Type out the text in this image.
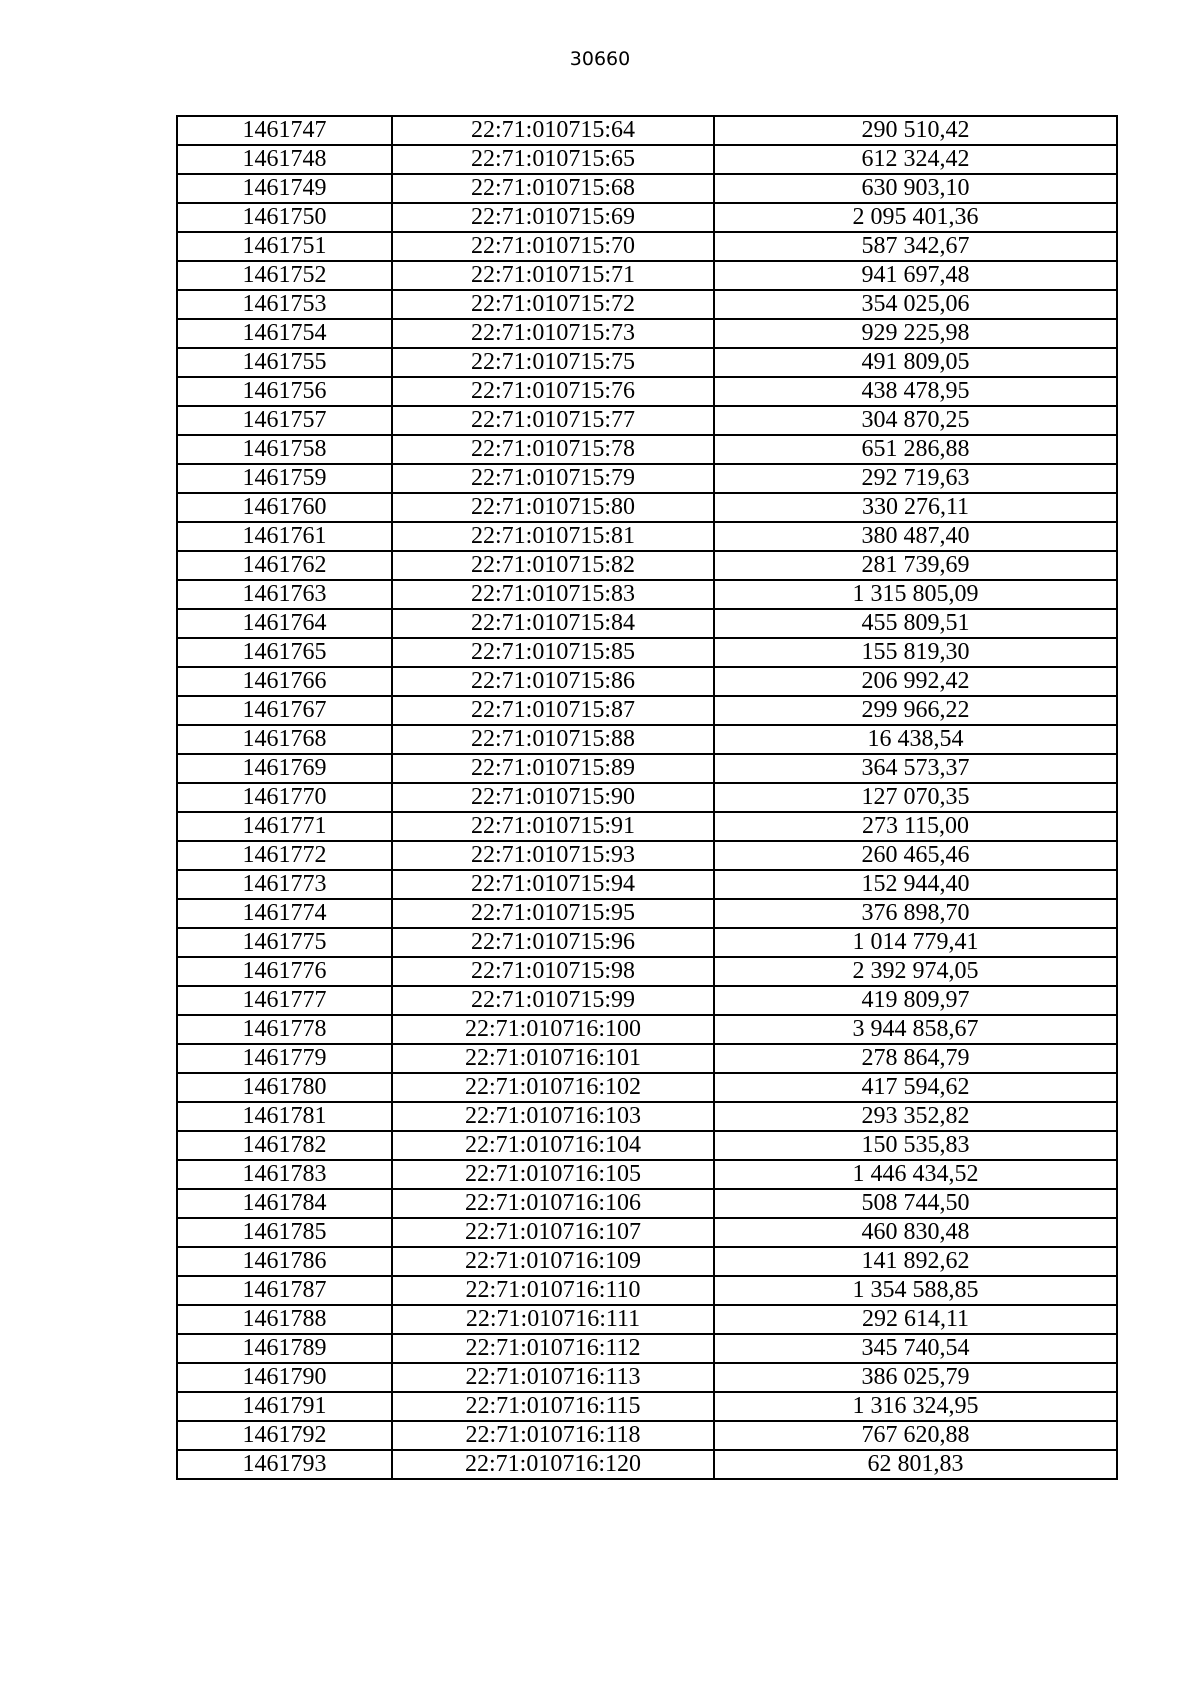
30660
1461747	22:71:010715:64	290 510,42
1461748	22:71:010715:65	612 324,42
1461749	22:71:010715:68	630 903,10
1461750	22:71:010715:69	2 095 401,36
1461751	22:71:010715:70	587 342,67
1461752	22:71:010715:71	941 697,48
1461753	22:71:010715:72	354 025,06
1461754	22:71:010715:73	929 225,98
1461755	22:71:010715:75	491 809,05
1461756	22:71:010715:76	438 478,95
1461757	22:71:010715:77	304 870,25
1461758	22:71:010715:78	651 286,88
1461759	22:71:010715:79	292 719,63
1461760	22:71:010715:80	330 276,11
1461761	22:71:010715:81	380 487,40
1461762	22:71:010715:82	281 739,69
1461763	22:71:010715:83	1 315 805,09
1461764	22:71:010715:84	455 809,51
1461765	22:71:010715:85	155 819,30
1461766	22:71:010715:86	206 992,42
1461767	22:71:010715:87	299 966,22
1461768	22:71:010715:88	16 438,54
1461769	22:71:010715:89	364 573,37
1461770	22:71:010715:90	127 070,35
1461771	22:71:010715:91	273 115,00
1461772	22:71:010715:93	260 465,46
1461773	22:71:010715:94	152 944,40
1461774	22:71:010715:95	376 898,70
1461775	22:71:010715:96	1 014 779,41
1461776	22:71:010715:98	2 392 974,05
1461777	22:71:010715:99	419 809,97
1461778	22:71:010716:100	3 944 858,67
1461779	22:71:010716:101	278 864,79
1461780	22:71:010716:102	417 594,62
1461781	22:71:010716:103	293 352,82
1461782	22:71:010716:104	150 535,83
1461783	22:71:010716:105	1 446 434,52
1461784	22:71:010716:106	508 744,50
1461785	22:71:010716:107	460 830,48
1461786	22:71:010716:109	141 892,62
1461787	22:71:010716:110	1 354 588,85
1461788	22:71:010716:111	292 614,11
1461789	22:71:010716:112	345 740,54
1461790	22:71:010716:113	386 025,79
1461791	22:71:010716:115	1 316 324,95
1461792	22:71:010716:118	767 620,88
1461793	22:71:010716:120	62 801,83
